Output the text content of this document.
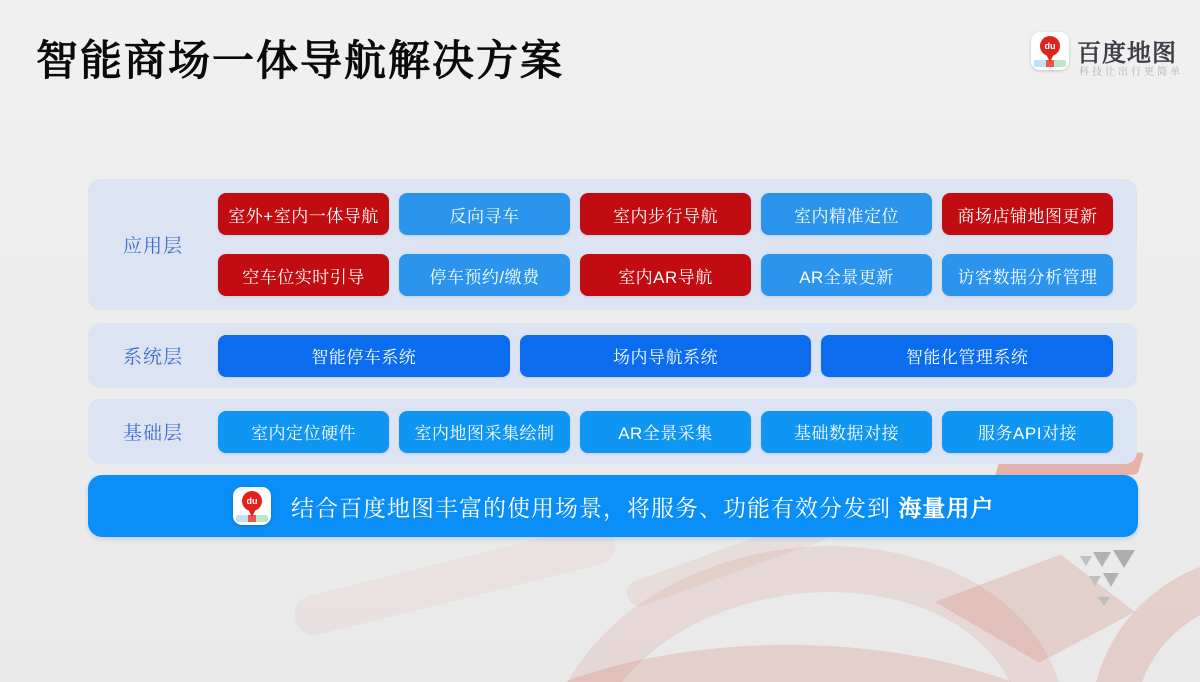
智能商场一体导航解决方案	du 百度地图
科技让出行更简单
应用层
室外+室内一体导航	反向寻车	室内步行导航	室内精准定位	商场店铺地图更新
空车位实时引导	停车预约/缴费	室内AR导航	AR全景更新	访客数据分析管理
系统层	智能停车系统	场内导航系统	智能化管理系统
基础层	室内定位硬件	室内地图采集绘制	AR全景采集	基础数据对接	服务API对接
du 结合百度地图丰富的使用场景，将服务、功能有效分发到 海量用户
